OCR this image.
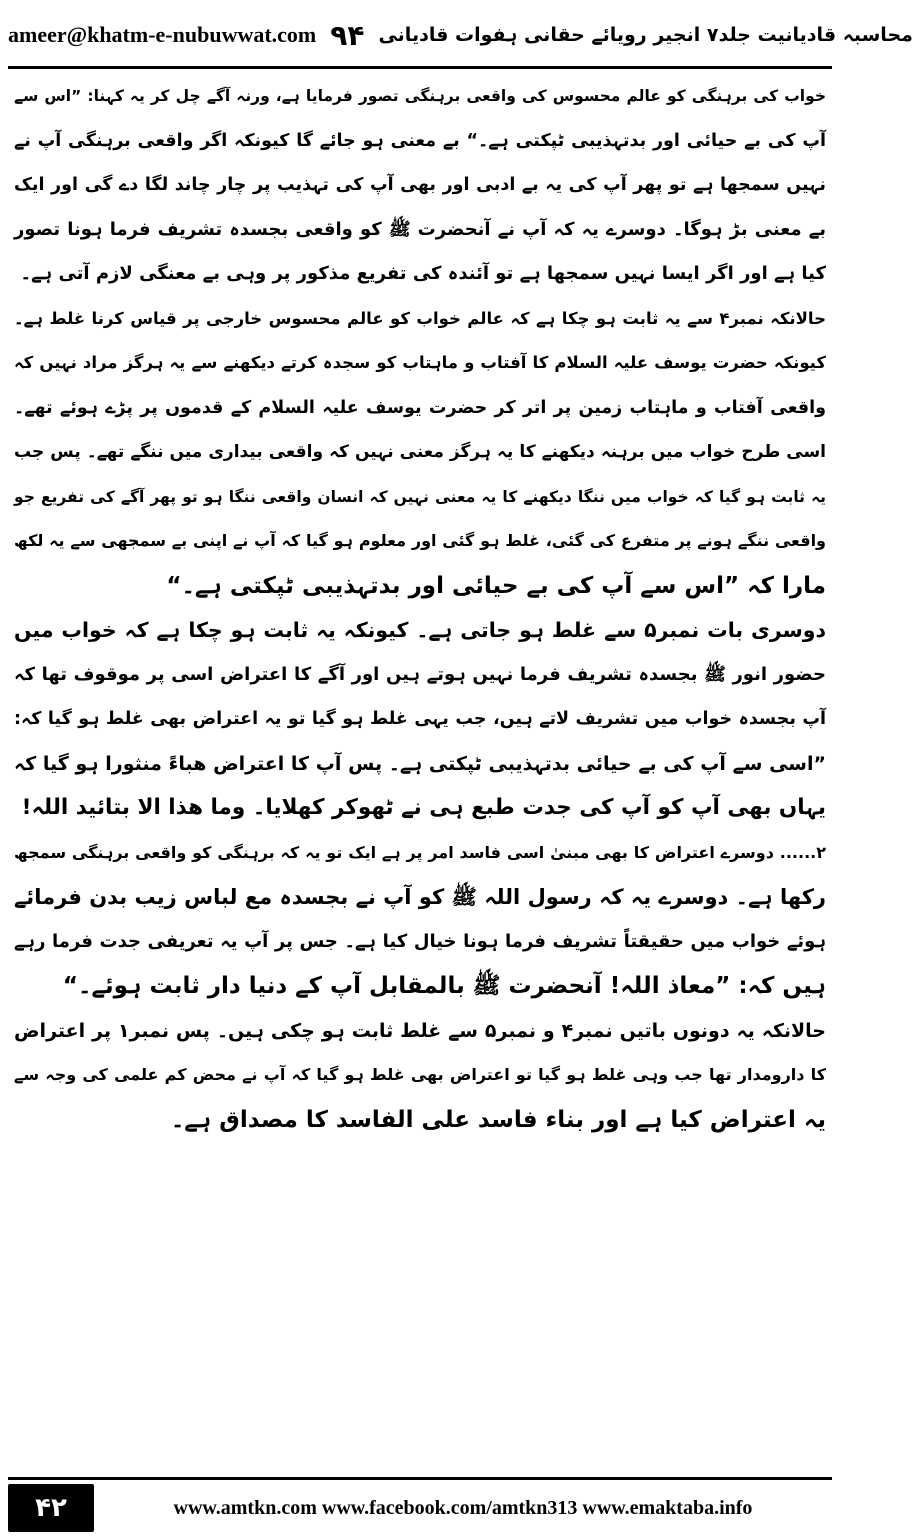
ameer@khatm-e-nubuwwat.com ۹۴ محاسبہ قادیانیت جلد۷ انجیر رویائے حقانی ہفوات قادیانی

خواب کی برہنگی کو عالم محسوس کی واقعی برہنگی تصور فرمایا ہے، ورنہ آگے چل کر یہ کہنا: ”اس سے
آپ کی بے حیائی اور بدتہذیبی ٹپکتی ہے۔“ بے معنی ہو جائے گا کیونکہ اگر واقعی برہنگی آپ نے
نہیں سمجھا ہے تو پھر آپ کی یہ بے ادبی اور بھی آپ کی تہذیب پر چار چاند لگا دے گی اور ایک
بے معنی بڑ ہوگا۔ دوسرے یہ کہ آپ نے آنحضرت ﷺ کو واقعی بجسدہ تشریف فرما ہونا تصور
کیا ہے اور اگر ایسا نہیں سمجھا ہے تو آئندہ کی تفریع مذکور پر وہی بے معنگی لازم آتی ہے۔

حالانکہ نمبر۴ سے یہ ثابت ہو چکا ہے کہ عالم خواب کو عالم محسوس خارجی پر قیاس کرنا غلط ہے۔
کیونکہ حضرت یوسف علیہ السلام کا آفتاب و ماہتاب کو سجدہ کرتے دیکھنے سے یہ ہرگز مراد نہیں کہ
واقعی آفتاب و ماہتاب زمین پر اتر کر حضرت یوسف علیہ السلام کے قدموں پر پڑے ہوئے تھے۔
اسی طرح خواب میں برہنہ دیکھنے کا یہ ہرگز معنی نہیں کہ واقعی بیداری میں ننگے تھے۔ پس جب
یہ ثابت ہو گیا کہ خواب میں ننگا دیکھنے کا یہ معنی نہیں کہ انسان واقعی ننگا ہو تو پھر آگے کی تفریع جو
واقعی ننگے ہونے پر متفرع کی گئی، غلط ہو گئی اور معلوم ہو گیا کہ آپ نے اپنی بے سمجھی سے یہ لکھ
مارا کہ ”اس سے آپ کی بے حیائی اور بدتہذیبی ٹپکتی ہے۔“

دوسری بات نمبر۵ سے غلط ہو جاتی ہے۔ کیونکہ یہ ثابت ہو چکا ہے کہ خواب میں
حضور انور ﷺ بجسدہ تشریف فرما نہیں ہوتے ہیں اور آگے کا اعتراض اسی پر موقوف تھا کہ
آپ بجسدہ خواب میں تشریف لاتے ہیں، جب یہی غلط ہو گیا تو یہ اعتراض بھی غلط ہو گیا کہ:
”اسی سے آپ کی بے حیائی بدتہذیبی ٹپکتی ہے۔ پس آپ کا اعتراض ھباءً منثورا ہو گیا کہ
یہاں بھی آپ کو آپ کی جدت طبع ہی نے ٹھوکر کھلایا۔ وما ھذا الا بتائید اللہ!

۲...... دوسرے اعتراض کا بھی مبنیٰ اسی فاسد امر پر ہے ایک تو یہ کہ برہنگی کو واقعی برہنگی سمجھ
رکھا ہے۔ دوسرے یہ کہ رسول اللہ ﷺ کو آپ نے بجسدہ مع لباس زیب بدن فرمائے
ہوئے خواب میں حقیقتاً تشریف فرما ہونا خیال کیا ہے۔ جس پر آپ یہ تعریفی جدت فرما رہے
ہیں کہ: ”معاذ اللہ! آنحضرت ﷺ بالمقابل آپ کے دنیا دار ثابت ہوئے۔“

حالانکہ یہ دونوں باتیں نمبر۴ و نمبر۵ سے غلط ثابت ہو چکی ہیں۔ پس نمبر۱ پر اعتراض
کا دارومدار تھا جب وہی غلط ہو گیا تو اعتراض بھی غلط ہو گیا کہ آپ نے محض کم علمی کی وجہ سے
یہ اعتراض کیا ہے اور بناء فاسد علی الفاسد کا مصداق ہے۔

۴۲	www.amtkn.com www.facebook.com/amtkn313 www.emaktaba.info
